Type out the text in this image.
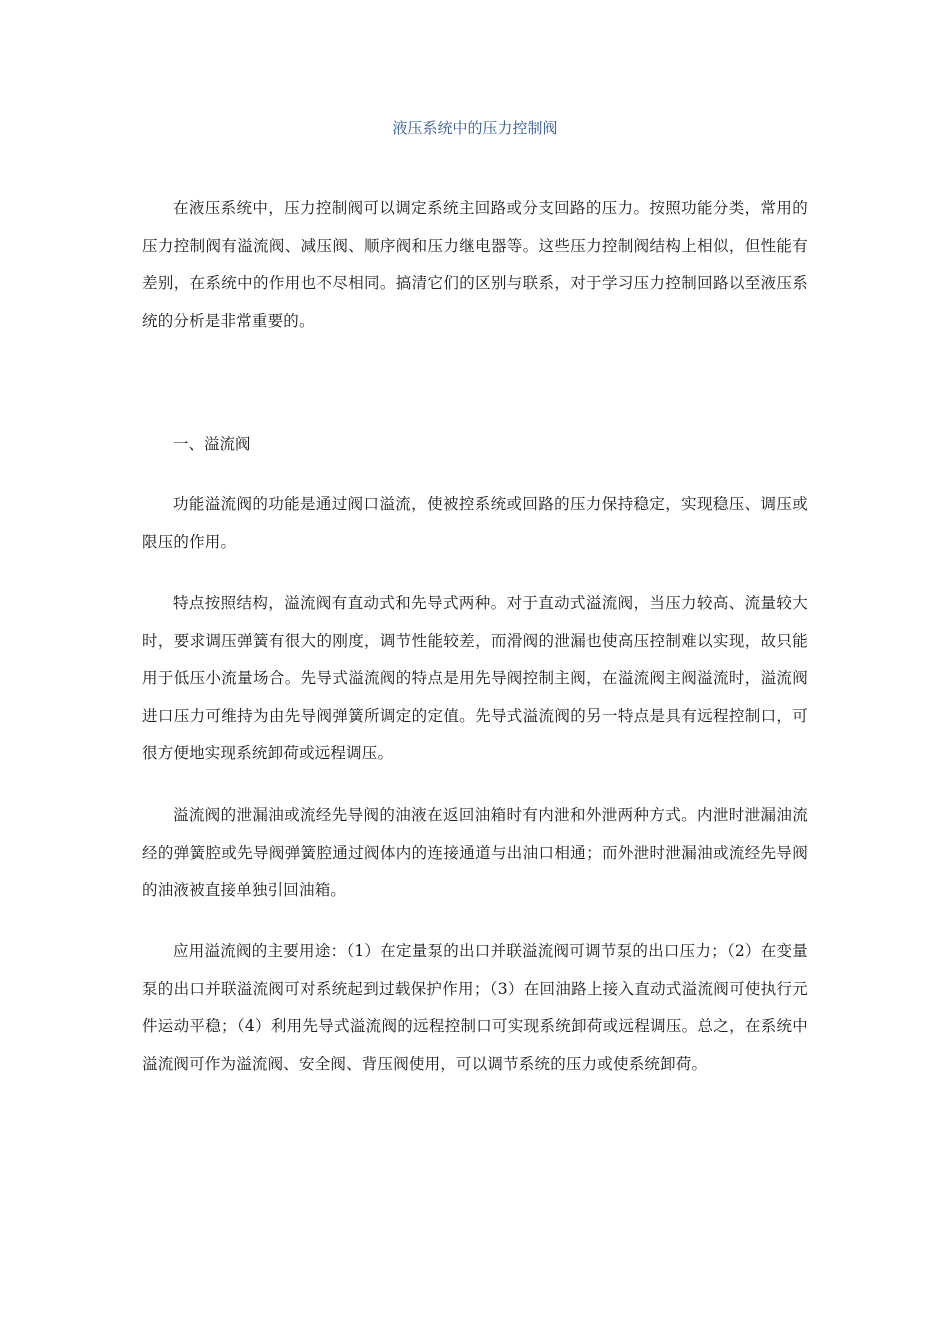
液压系统中的压力控制阀

在液压系统中，压力控制阀可以调定系统主回路或分支回路的压力。按照功能分类，常用的压力控制阀有溢流阀、减压阀、顺序阀和压力继电器等。这些压力控制阀结构上相似，但性能有差别，在系统中的作用也不尽相同。搞清它们的区别与联系，对于学习压力控制回路以至液压系统的分析是非常重要的。

一、溢流阀

功能溢流阀的功能是通过阀口溢流，使被控系统或回路的压力保持稳定，实现稳压、调压或限压的作用。

特点按照结构，溢流阀有直动式和先导式两种。对于直动式溢流阀，当压力较高、流量较大时，要求调压弹簧有很大的刚度，调节性能较差，而滑阀的泄漏也使高压控制难以实现，故只能用于低压小流量场合。先导式溢流阀的特点是用先导阀控制主阀，在溢流阀主阀溢流时，溢流阀进口压力可维持为由先导阀弹簧所调定的定值。先导式溢流阀的另一特点是具有远程控制口，可很方便地实现系统卸荷或远程调压。

溢流阀的泄漏油或流经先导阀的油液在返回油箱时有内泄和外泄两种方式。内泄时泄漏油流经的弹簧腔或先导阀弹簧腔通过阀体内的连接通道与出油口相通；而外泄时泄漏油或流经先导阀的油液被直接单独引回油箱。

应用溢流阀的主要用途：（1）在定量泵的出口并联溢流阀可调节泵的出口压力；（2）在变量泵的出口并联溢流阀可对系统起到过载保护作用；（3）在回油路上接入直动式溢流阀可使执行元件运动平稳；（4）利用先导式溢流阀的远程控制口可实现系统卸荷或远程调压。总之，在系统中溢流阀可作为溢流阀、安全阀、背压阀使用，可以调节系统的压力或使系统卸荷。
